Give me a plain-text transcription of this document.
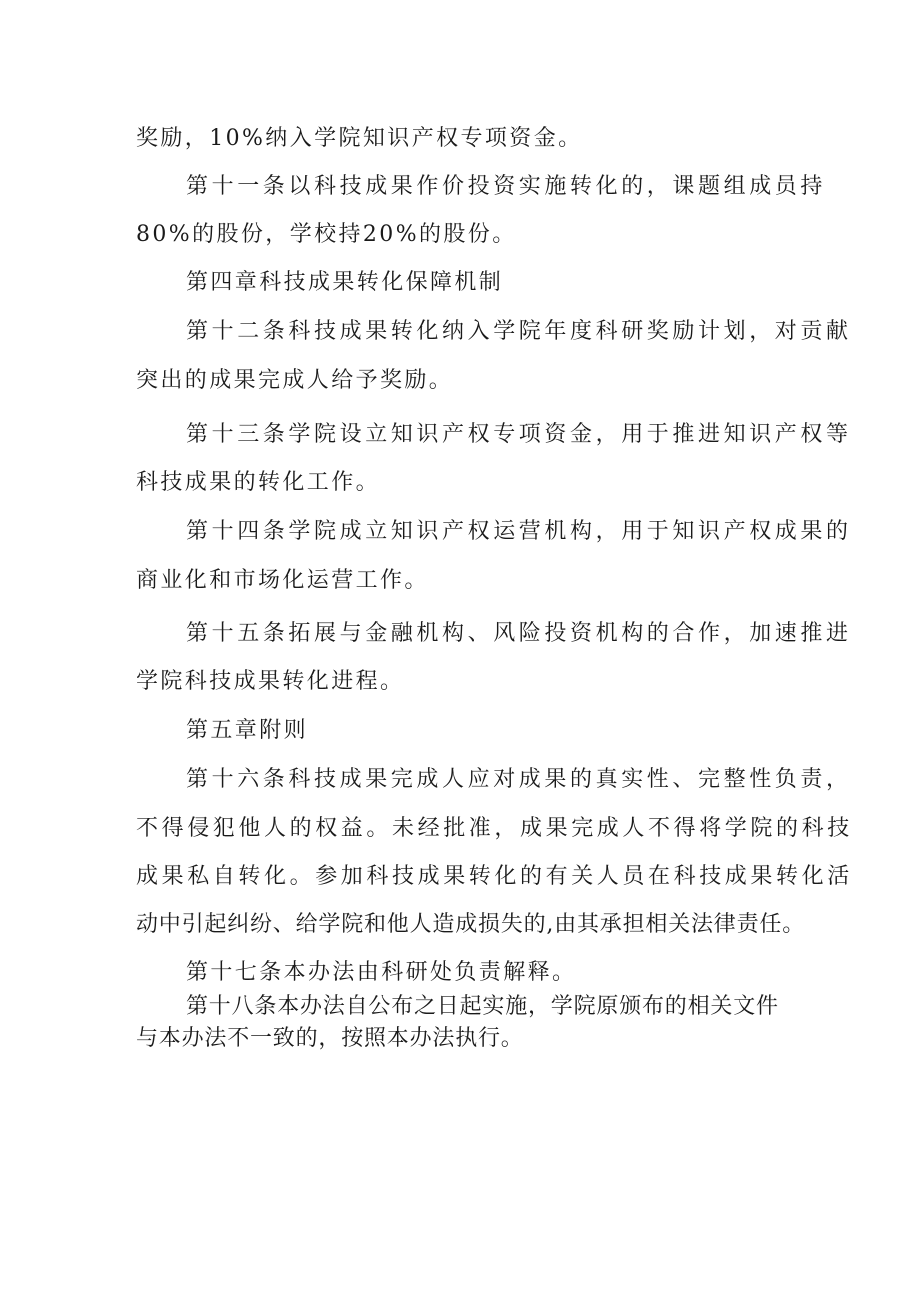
奖励，10%纳入学院知识产权专项资金。

第十一条以科技成果作价投资实施转化的，课题组成员持

80%的股份，学校持20%的股份。

第四章科技成果转化保障机制

第十二条科技成果转化纳入学院年度科研奖励计划，对贡献

突出的成果完成人给予奖励。

第十三条学院设立知识产权专项资金，用于推进知识产权等

科技成果的转化工作。

第十四条学院成立知识产权运营机构，用于知识产权成果的

商业化和市场化运营工作。

第十五条拓展与金融机构、风险投资机构的合作，加速推进

学院科技成果转化进程。

第五章附则

第十六条科技成果完成人应对成果的真实性、完整性负责，

不得侵犯他人的权益。未经批准，成果完成人不得将学院的科技

成果私自转化。参加科技成果转化的有关人员在科技成果转化活

动中引起纠纷、给学院和他人造成损失的,由其承担相关法律责任。

第十七条本办法由科研处负责解释。

第十八条本办法自公布之日起实施，学院原颁布的相关文件

与本办法不一致的，按照本办法执行。
